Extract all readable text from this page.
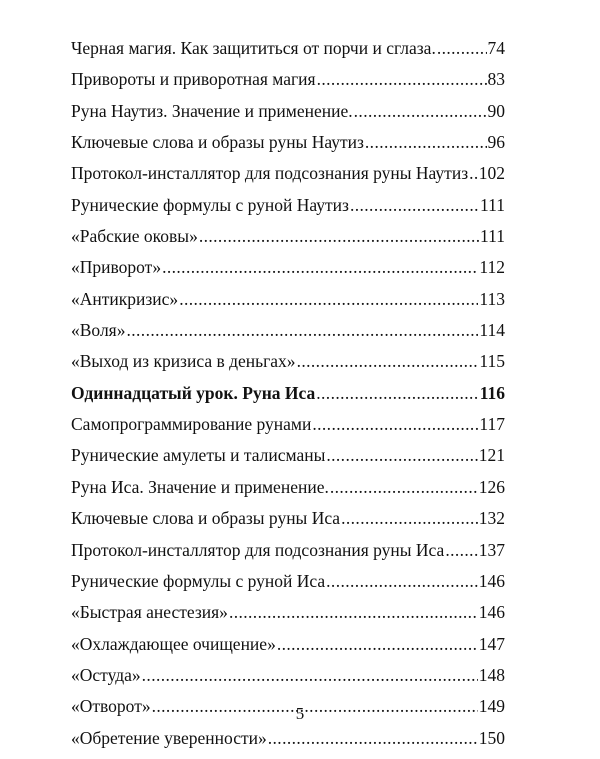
Черная магия. Как защититься от порчи и сглаза. .....	74
Привороты и приворотная магия .....	83
Руна Наутиз. Значение и применение. .....	90
Ключевые слова и образы руны Наутиз .....	96
Протокол-инсталлятор для подсознания руны Наутиз ..... 102
Рунические формулы с руной Наутиз .....	111
«Рабские оковы» .....	111
«Приворот» .....	112
«Антикризис» .....	113
«Воля» .....	114
«Выход из кризиса в деньгах» .....	115
Одиннадцатый урок. Руна Иса .....	116
Самопрограммирование рунами .....	117
Рунические амулеты и талисманы .....	121
Руна Иса. Значение и применение. .....	126
Ключевые слова и образы руны Иса .....	132
Протокол-инсталлятор для подсознания руны Иса ..... 137
Рунические формулы с руной Иса .....	146
«Быстрая анестезия» .....	146
«Охлаждающее очищение» .....	147
«Остуда» .....	148
«Отворот» .....	149
«Обретение уверенности» .....	150
5
